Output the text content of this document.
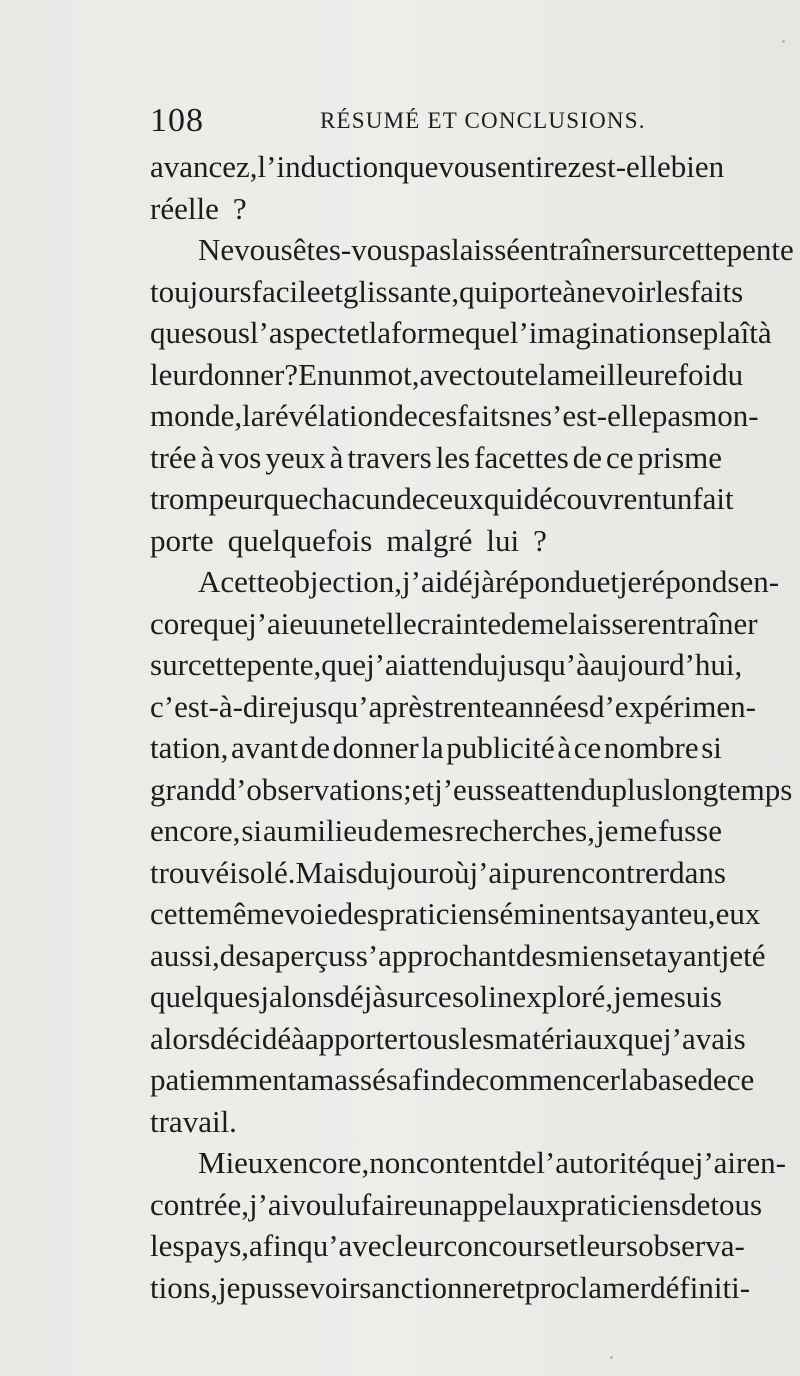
108	RÉSUMÉ ET CONCLUSIONS.
avancez, l’induction que vous en tirez est-elle bien
réelle ?
Ne vous êtes-vous pas laissé entraîner sur cette pente
toujours facile et glissante, qui porte à ne voir les faits
que sous l’aspect et la forme que l’imagination se plaît à
leur donner ? En un mot, avec toute la meilleure foi du
monde, la révélation de ces faits ne s’est-elle pas mon-
trée à vos yeux à travers les facettes de ce prisme
trompeur que chacun de ceux qui découvrent un fait
porte quelquefois malgré lui ?
A cette objection, j’ai déjà répondu et je réponds en-
core que j’ai eu une telle crainte de me laisser entraîner
sur cette pente, que j’ai attendu jusqu’à aujourd’hui,
c’est-à-dire jusqu’après trente années d’expérimen-
tation, avant de donner la publicité à ce nombre si
grand d’observations ; et j’eusse attendu plus longtemps
encore, si au milieu de mes recherches, je me fusse
trouvé isolé. Mais du jour où j’ai pu rencontrer dans
cette même voie des praticiens éminents ayant eu, eux
aussi, des aperçus s’approchant des miens et ayant jeté
quelques jalons déjà sur ce sol inexploré, je me suis
alors décidé à apporter tous les matériaux que j’avais
patiemment amassés afin de commencer la base de ce
travail.
Mieux encore, non content de l’autorité que j’ai ren-
contrée, j’ai voulu faire un appel aux praticiens de tous
les pays, afin qu’avec leur concours et leurs observa-
tions, je pusse voir sanctionner et proclamer définiti-
